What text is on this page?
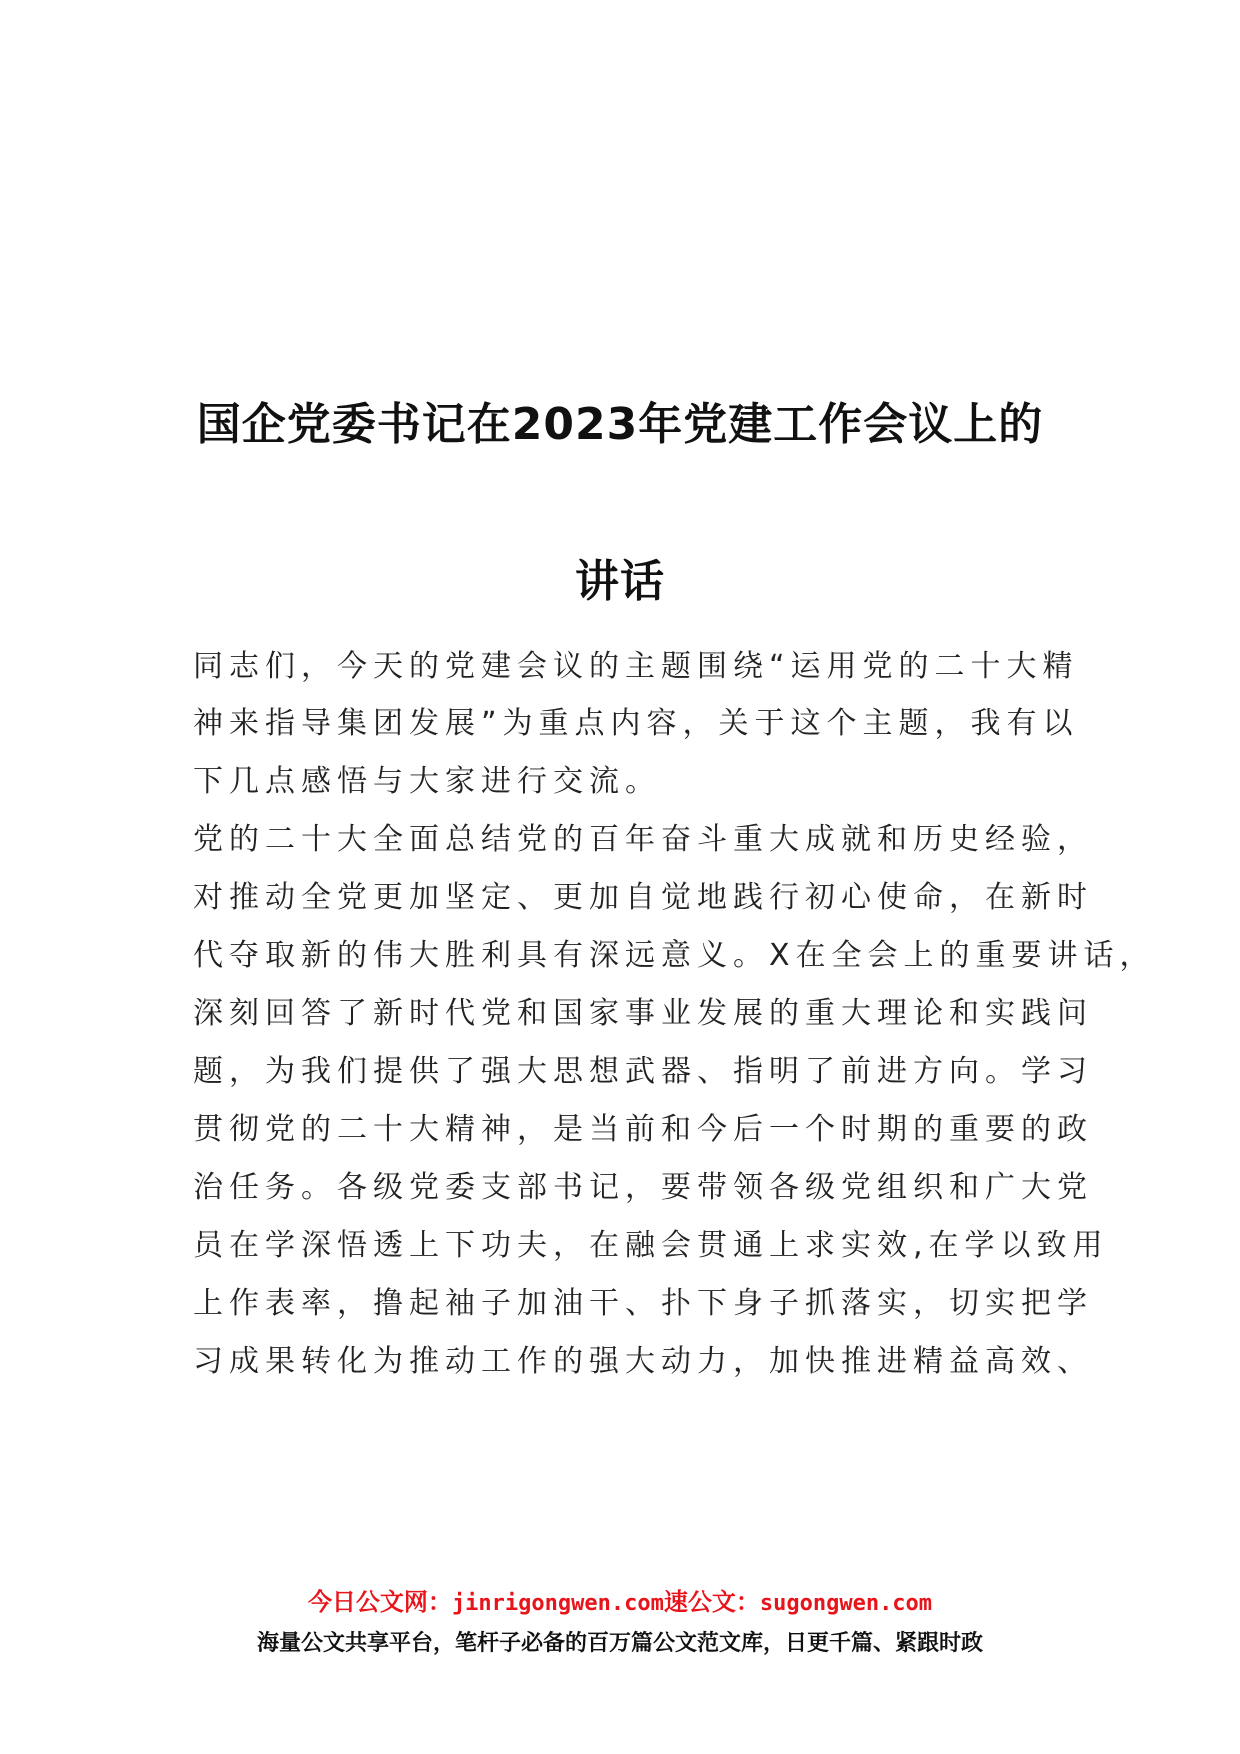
国企党委书记在2023年党建工作会议上的
讲话
同志们，今天的党建会议的主题围绕“运用党的二十大精
神来指导集团发展”为重点内容，关于这个主题，我有以
下几点感悟与大家进行交流。
党的二十大全面总结党的百年奋斗重大成就和历史经验，
对推动全党更加坚定、更加自觉地践行初心使命，在新时
代夺取新的伟大胜利具有深远意义。X在全会上的重要讲话，
深刻回答了新时代党和国家事业发展的重大理论和实践问
题，为我们提供了强大思想武器、指明了前进方向。学习
贯彻党的二十大精神，是当前和今后一个时期的重要的政
治任务。各级党委支部书记，要带领各级党组织和广大党
员在学深悟透上下功夫，在融会贯通上求实效,在学以致用
上作表率，撸起袖子加油干、扑下身子抓落实，切实把学
习成果转化为推动工作的强大动力，加快推进精益高效、
今日公文网：jinrigongwen.com速公文：sugongwen.com
海量公文共享平台，笔杆子必备的百万篇公文范文库，日更千篇、紧跟时政
